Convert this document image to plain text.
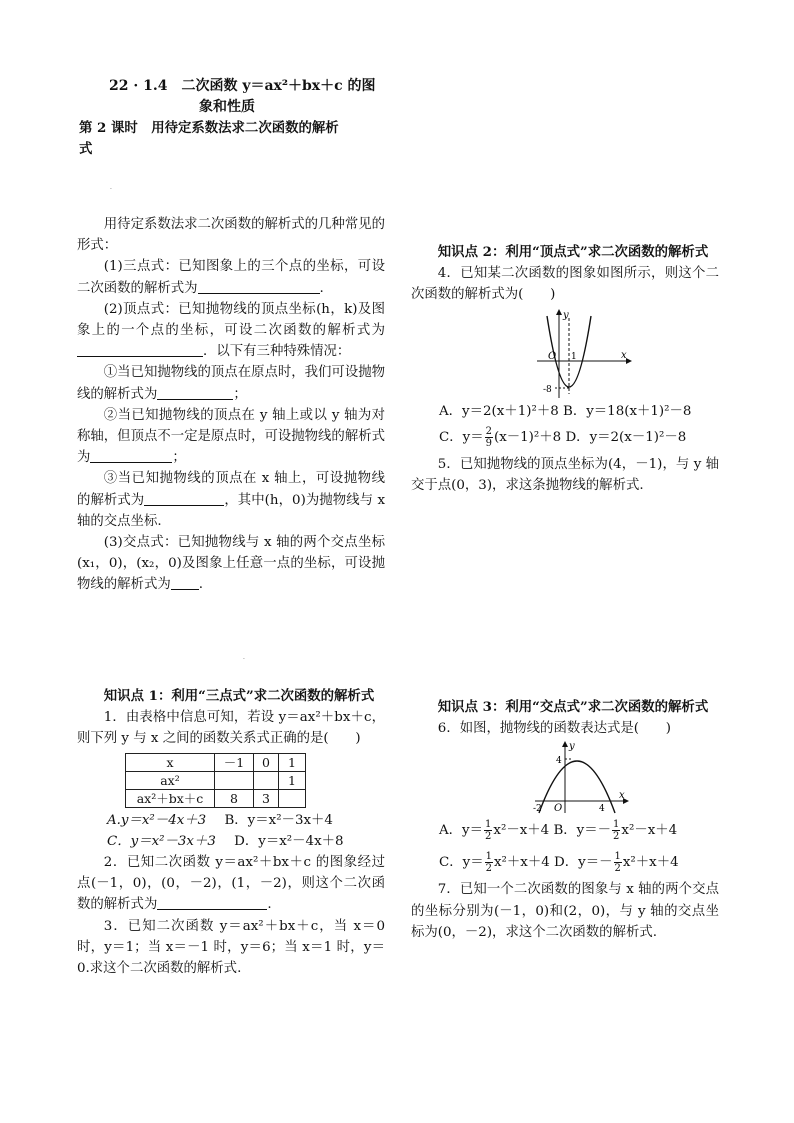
22 · 1.4　二次函数 y＝ax²＋bx＋c 的图
象和性质
第 2 课时　用待定系数法求二次函数的解析
式
·

用待定系数法求二次函数的解析式的几种常见的形式：

(1)三点式：已知图象上的三个点的坐标，可设二次函数的解析式为	.

(2)顶点式：已知抛物线的顶点坐标(h，k)及图象上的一个点的坐标，可设二次函数的解析式为．以下有三种特殊情况：

①当已知抛物线的顶点在原点时，我们可设抛物线的解析式为	；

②当已知抛物线的顶点在 y 轴上或以 y 轴为对称轴，但顶点不一定是原点时，可设抛物线的解析式为	；

③当已知抛物线的顶点在 x 轴上，可设抛物线的解析式为	，其中(h，0)为抛物线与 x 轴的交点坐标.

(3)交点式：已知抛物线与 x 轴的两个交点坐标(x₁，0)，(x₂，0)及图象上任意一点的坐标，可设抛物线的解析式为 .

·

知识点 1：利用“三点式”求二次函数的解析式

1．由表格中信息可知，若设 y＝ax²＋bx＋c，则下列 y 与 x 之间的函数关系式正确的是(　　)

x	－1	0	1
ax²			1
ax²＋bx＋c	8	3	
A.y＝x²－4x＋3 B．y＝x²－3x＋4
C．y＝x²－3x＋3 D．y＝x²－4x＋8

2．已知二次函数 y＝ax²＋bx＋c 的图象经过点(－1，0)，(0，－2)，(1，－2)，则这个二次函数的解析式为	.

3．已知二次函数 y＝ax²＋bx＋c，当 x＝0 时，y＝1；当 x＝－1 时，y＝6；当 x＝1 时，y＝0.求这个二次函数的解析式.

知识点 2：利用“顶点式”求二次函数的解析式

4．已知某二次函数的图象如图所示，则这个二次函数的解析式为(　　)

y
x
O 1
-8
A．y＝2(x＋1)²＋8 B．y＝18(x＋1)²－8
C．$y= \frac{2}{9} (x-1)^2+8$ D．y＝2(x－1)²－8

5．已知抛物线的顶点坐标为(4，－1)，与 y 轴交于点(0，3)，求这条抛物线的解析式.

知识点 3：利用“交点式”求二次函数的解析式

6．如图，抛物线的函数表达式是(　　)

y
x
4
-2 O	4
A．$y= \frac{1}{2} x^2-x+4$ B．$y=- \frac{1}{2} x^2-x+4$
C．$y= \frac{1}{2} x^2+x+4$ D．$y=- \frac{1}{2} x^2+x+4$

7．已知一个二次函数的图象与 x 轴的两个交点的坐标分别为(－1，0)和(2，0)，与 y 轴的交点坐标为(0，－2)，求这个二次函数的解析式.
